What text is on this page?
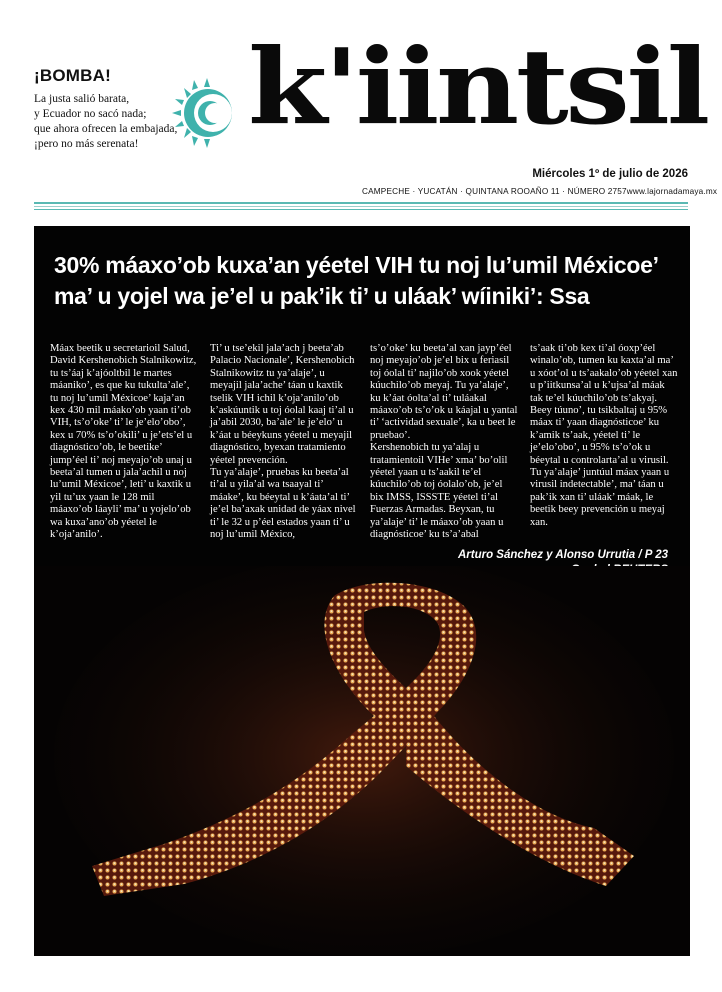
¡BOMBA!

La justa salió barata,
y Ecuador no sacó nada;
que ahora ofrecen la embajada,
¡pero no más serenata!	k'iintsil
Miércoles 1º de julio de 2026
CAMPECHE · YUCATÁN · QUINTANA ROO AÑO 11 · NÚMERO 2757 www.lajornadamaya.mx
30% máaxo’ob kuxa’an yéetel VIH tu noj lu’umil Méxicoe’ ma’ u yojel wa je’el u pak’ik ti’ u uláak’ wíiniki’: Ssa
Máax beetik u secretarioil Salud, David Kershenobich Stalnikowitz, tu ts’áaj k’ajóoltbil le martes máaniko’, es que ku tukulta’ale’, tu noj lu’umil Méxicoe’ kaja’an kex 430 mil máako’ob yaan ti’ob VIH, ts’o’oke’ ti’ le je’elo’obo’, kex u 70% ts’o’okili’ u je’ets’el u diagnóstico’ob, le beetike’ jump’éel ti’ noj meyajo’ob unaj u beeta’al tumen u jala’achil u noj lu’umil Méxicoe’, leti’ u kaxtik u yil tu’ux yaan le 128 mil máaxo’ob láayli’ ma’ u yojelo’ob wa kuxa’ano’ob yéetel le k’oja’anilo’.
Ti’ u tse’ekil jala’ach j beeta’ab Palacio Nacionale’, Kershenobich Stalnikowitz tu ya’alaje’, u meyajil jala’ache’ táan u kaxtik tselik VIH ichil k’oja’anilo’ob k’askúuntik u toj óolal kaaj ti’al u ja’abil 2030, ba’ale’ le je’elo’ u k’áat u béeykuns yéetel u meyajil diagnóstico, byexan tratamiento yéetel prevención.
Tu ya’alaje’, pruebas ku beeta’al ti’al u yila’al wa tsaayal ti’ máake’, ku béeytal u k’áata’al ti’ je’el ba’axak unidad de yáax nivel ti’ le 32 u p’éel estados yaan ti’ u noj lu’umil México,
ts’o’oke’ ku beeta’al xan jayp’éel noj meyajo’ob je’el bix u feriasil toj óolal ti’ najilo’ob xook yéetel kúuchilo’ob meyaj. Tu ya’alaje’, ku k’áat óolta’al ti’ tuláakal máaxo’ob ts’o’ok u káajal u yantal ti’ ‘actividad sexuale’, ka u beet le pruebao’.
Kershenobich tu ya’alaj u tratamientoil VIHe’ xma’ bo’olil yéetel yaan u ts’aakil te’el kúuchilo’ob toj óolalo’ob, je’el bix IMSS, ISSSTE yéetel ti’al Fuerzas Armadas. Beyxan, tu ya’alaje’ ti’ le máaxo’ob yaan u diagnósticoe’ ku ts’a’abal
ts’aak ti’ob kex ti’al óoxp’éel winalo’ob, tumen ku kaxta’al ma’ u xóot’ol u ts’aakalo’ob yéetel xan u p’iitkunsa’al u k’ujsa’al máak tak te’el kúuchilo’ob ts’akyaj.
Beey túuno’, tu tsikbaltaj u 95% máax ti’ yaan diagnósticoe’ ku k’amik ts’aak, yéetel ti’ le je’elo’obo’, u 95% ts’o’ok u béeytal u controlarta’al u virusil. Tu ya’alaje’ juntúul máax yaan u virusil indetectable’, ma’ táan u pak’ik xan ti’ uláak’ máak, le beetik beey prevención u meyaj xan.
Arturo Sánchez y Alonso Urrutia / P 23
